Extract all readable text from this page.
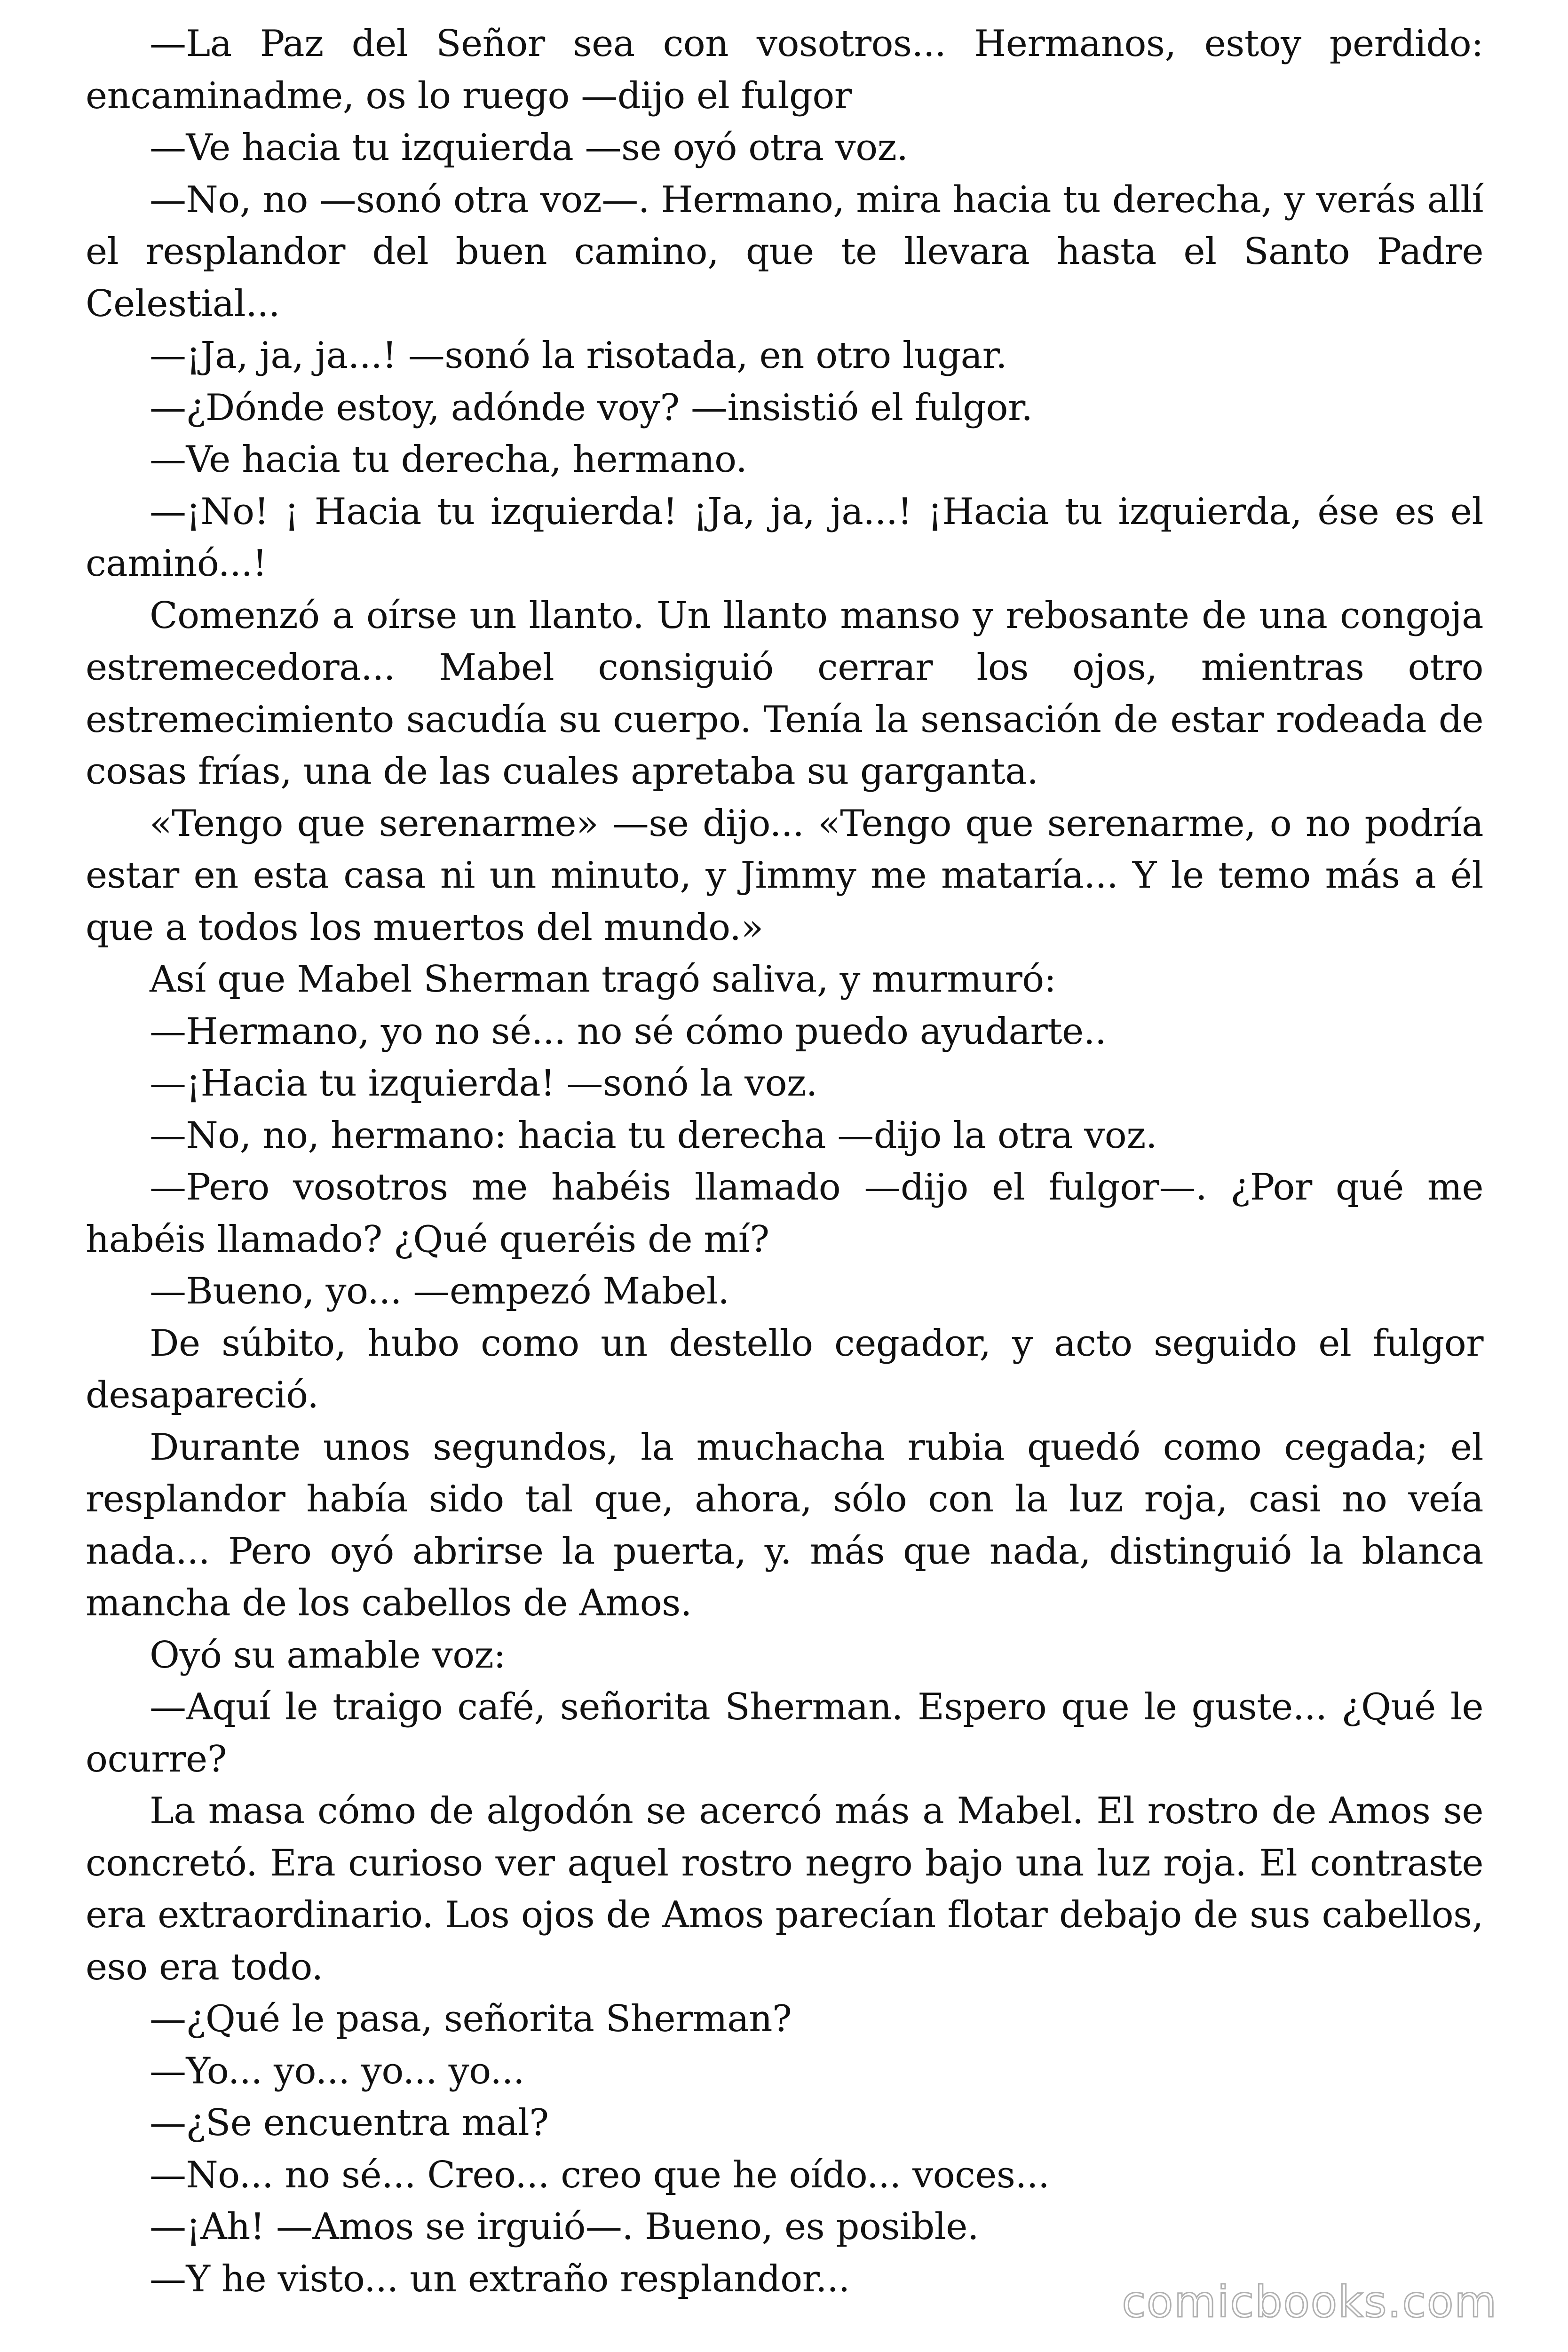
—La Paz del Señor sea con vosotros... Hermanos, estoy perdido: encaminadme, os lo ruego —dijo el fulgor

—Ve hacia tu izquierda —se oyó otra voz.

—No, no —sonó otra voz—. Hermano, mira hacia tu derecha, y verás allí el resplandor del buen camino, que te llevara hasta el Santo Padre Celestial...

—¡Ja, ja, ja...! —sonó la risotada, en otro lugar.

—¿Dónde estoy, adónde voy? —insistió el fulgor.

—Ve hacia tu derecha, hermano.

—¡No! ¡ Hacia tu izquierda! ¡Ja, ja, ja...! ¡Hacia tu izquierda, ése es el caminó...!

Comenzó a oírse un llanto. Un llanto manso y rebosante de una congoja estremecedora... Mabel consiguió cerrar los ojos, mientras otro estremecimiento sacudía su cuerpo. Tenía la sensación de estar rodeada de cosas frías, una de las cuales apretaba su garganta.

«Tengo que serenarme» —se dijo... «Tengo que serenarme, o no podría estar en esta casa ni un minuto, y Jimmy me mataría... Y le temo más a él que a todos los muertos del mundo.»

Así que Mabel Sherman tragó saliva, y murmuró:

—Hermano, yo no sé... no sé cómo puedo ayudarte..

—¡Hacia tu izquierda! —sonó la voz.

—No, no, hermano: hacia tu derecha —dijo la otra voz.

—Pero vosotros me habéis llamado —dijo el fulgor—. ¿Por qué me habéis llamado? ¿Qué queréis de mí?

—Bueno, yo... —empezó Mabel.

De súbito, hubo como un destello cegador, y acto seguido el fulgor desapareció.

Durante unos segundos, la muchacha rubia quedó como cegada; el resplandor había sido tal que, ahora, sólo con la luz roja, casi no veía nada... Pero oyó abrirse la puerta, y. más que nada, distinguió la blanca mancha de los cabellos de Amos.

Oyó su amable voz:

—Aquí le traigo café, señorita Sherman. Espero que le guste... ¿Qué le ocurre?

La masa cómo de algodón se acercó más a Mabel. El rostro de Amos se concretó. Era curioso ver aquel rostro negro bajo una luz roja. El contraste era extraordinario. Los ojos de Amos parecían flotar debajo de sus cabellos, eso era todo.

—¿Qué le pasa, señorita Sherman?

—Yo... yo... yo... yo...

—¿Se encuentra mal?

—No... no sé... Creo... creo que he oído... voces...

—¡Ah! —Amos se irguió—. Bueno, es posible.

—Y he visto... un extraño resplandor...	comicbooks.com
